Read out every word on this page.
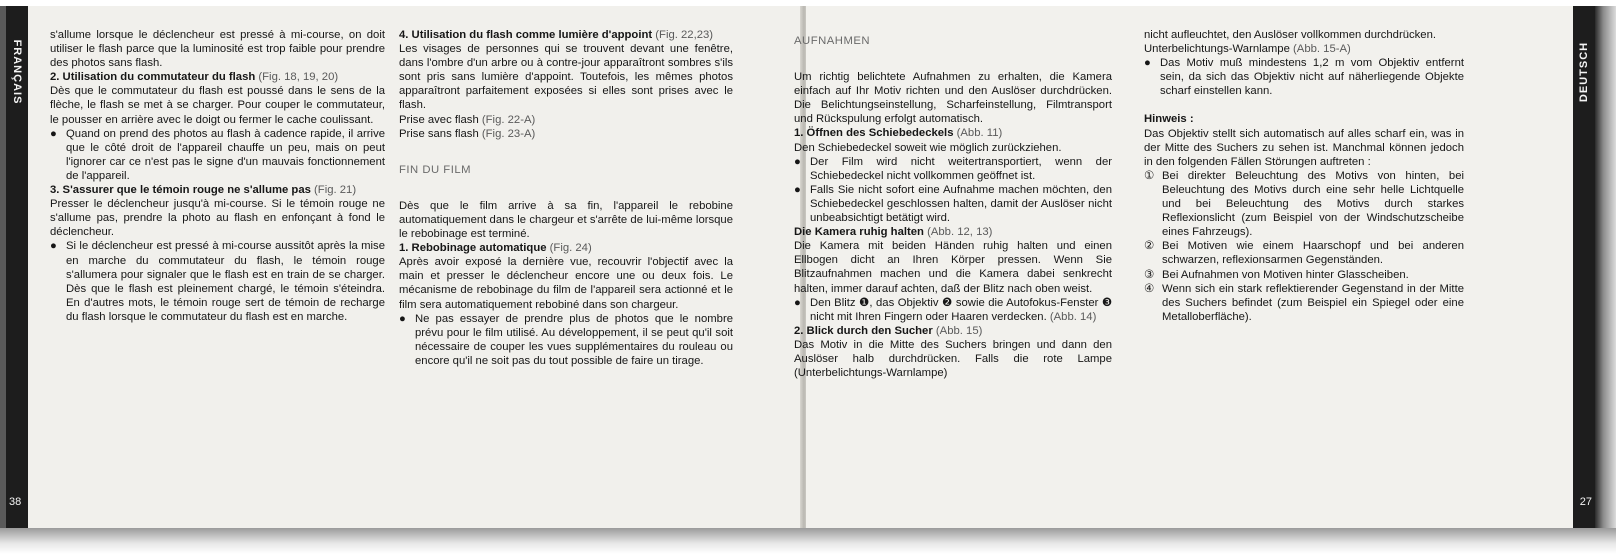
FRANÇAIS
38

s'allume lorsque le déclencheur est pressé à mi-course, on doit utiliser le flash parce que la luminosité est trop faible pour prendre des photos sans flash.

2. Utilisation du commutateur du flash (Fig. 18, 19, 20)

Dès que le commutateur du flash est poussé dans le sens de la flèche, le flash se met à se charger. Pour couper le commutateur, le pousser en arrière avec le doigt ou fermer le cache coulissant.

● Quand on prend des photos au flash à cadence rapide, il arrive que le côté droit de l'appareil chauffe un peu, mais on peut l'ignorer car ce n'est pas le signe d'un mauvais fonctionnement de l'appareil.

3. S'assurer que le témoin rouge ne s'allume pas (Fig. 21)

Presser le déclencheur jusqu'à mi-course. Si le témoin rouge ne s'allume pas, prendre la photo au flash en enfonçant à fond le déclencheur.

● Si le déclencheur est pressé à mi-course aussitôt après la mise en marche du commutateur du flash, le témoin rouge s'allumera pour signaler que le flash est en train de se charger. Dès que le flash est pleinement chargé, le témoin s'éteindra. En d'autres mots, le témoin rouge sert de témoin de recharge du flash lorsque le commutateur du flash est en marche.

4. Utilisation du flash comme lumière d'appoint (Fig. 22,23)

Les visages de personnes qui se trouvent devant une fenêtre, dans l'ombre d'un arbre ou à contre-jour apparaîtront sombres s'ils sont pris sans lumière d'appoint. Toutefois, les mêmes photos apparaîtront parfaitement exposées si elles sont prises avec le flash.

Prise avec flash (Fig. 22-A)

Prise sans flash (Fig. 23-A)

FIN DU FILM

Dès que le film arrive à sa fin, l'appareil le rebobine automatiquement dans le chargeur et s'arrête de lui-même lorsque le rebobinage est terminé.

1. Rebobinage automatique (Fig. 24)

Après avoir exposé la dernière vue, recouvrir l'objectif avec la main et presser le déclencheur encore une ou deux fois. Le mécanisme de rebobinage du film de l'appareil sera actionné et le film sera automatiquement rebobiné dans son chargeur.

● Ne pas essayer de prendre plus de photos que le nombre prévu pour le film utilisé. Au développement, il se peut qu'il soit nécessaire de couper les vues supplémentaires du rouleau ou encore qu'il ne soit pas du tout possible de faire un tirage.
DEUTSCH
27

AUFNAHMEN

Um richtig belichtete Aufnahmen zu erhalten, die Kamera einfach auf Ihr Motiv richten und den Auslöser durchdrücken. Die Belichtungseinstellung, Scharfeinstellung, Filmtransport und Rückspulung erfolgt automatisch.

1. Öffnen des Schiebedeckels (Abb. 11)

Den Schiebedeckel soweit wie möglich zurückziehen.

● Der Film wird nicht weitertransportiert, wenn der Schiebedeckel nicht vollkommen geöffnet ist.
● Falls Sie nicht sofort eine Aufnahme machen möchten, den Schiebedeckel geschlossen halten, damit der Auslöser nicht unbeabsichtigt betätigt wird.

Die Kamera ruhig halten (Abb. 12, 13)

Die Kamera mit beiden Händen ruhig halten und einen Ellbogen dicht an Ihren Körper pressen. Wenn Sie Blitzaufnahmen machen und die Kamera dabei senkrecht halten, immer darauf achten, daß der Blitz nach oben weist.

● Den Blitz ❶, das Objektiv ❷ sowie die Autofokus-Fenster ❸ nicht mit Ihren Fingern oder Haaren verdecken. (Abb. 14)

2. Blick durch den Sucher (Abb. 15)

Das Motiv in die Mitte des Suchers bringen und dann den Auslöser halb durchdrücken. Falls die rote Lampe (Unterbelichtungs-Warnlampe)

nicht aufleuchtet, den Auslöser vollkommen durchdrücken.

Unterbelichtungs-Warnlampe (Abb. 15-A)

● Das Motiv muß mindestens 1,2 m vom Objektiv entfernt sein, da sich das Objektiv nicht auf näherliegende Objekte scharf einstellen kann.

Hinweis :

Das Objektiv stellt sich automatisch auf alles scharf ein, was in der Mitte des Suchers zu sehen ist. Manchmal können jedoch in den folgenden Fällen Störungen auftreten :

① Bei direkter Beleuchtung des Motivs von hinten, bei Beleuchtung des Motivs durch eine sehr helle Lichtquelle und bei Beleuchtung des Motivs durch starkes Reflexionslicht (zum Beispiel von der Windschutzscheibe eines Fahrzeugs).
② Bei Motiven wie einem Haarschopf und bei anderen schwarzen, reflexionsarmen Gegenständen.
③ Bei Aufnahmen von Motiven hinter Glasscheiben.
④ Wenn sich ein stark reflektierender Gegenstand in der Mitte des Suchers befindet (zum Beispiel ein Spiegel oder eine Metalloberfläche).
